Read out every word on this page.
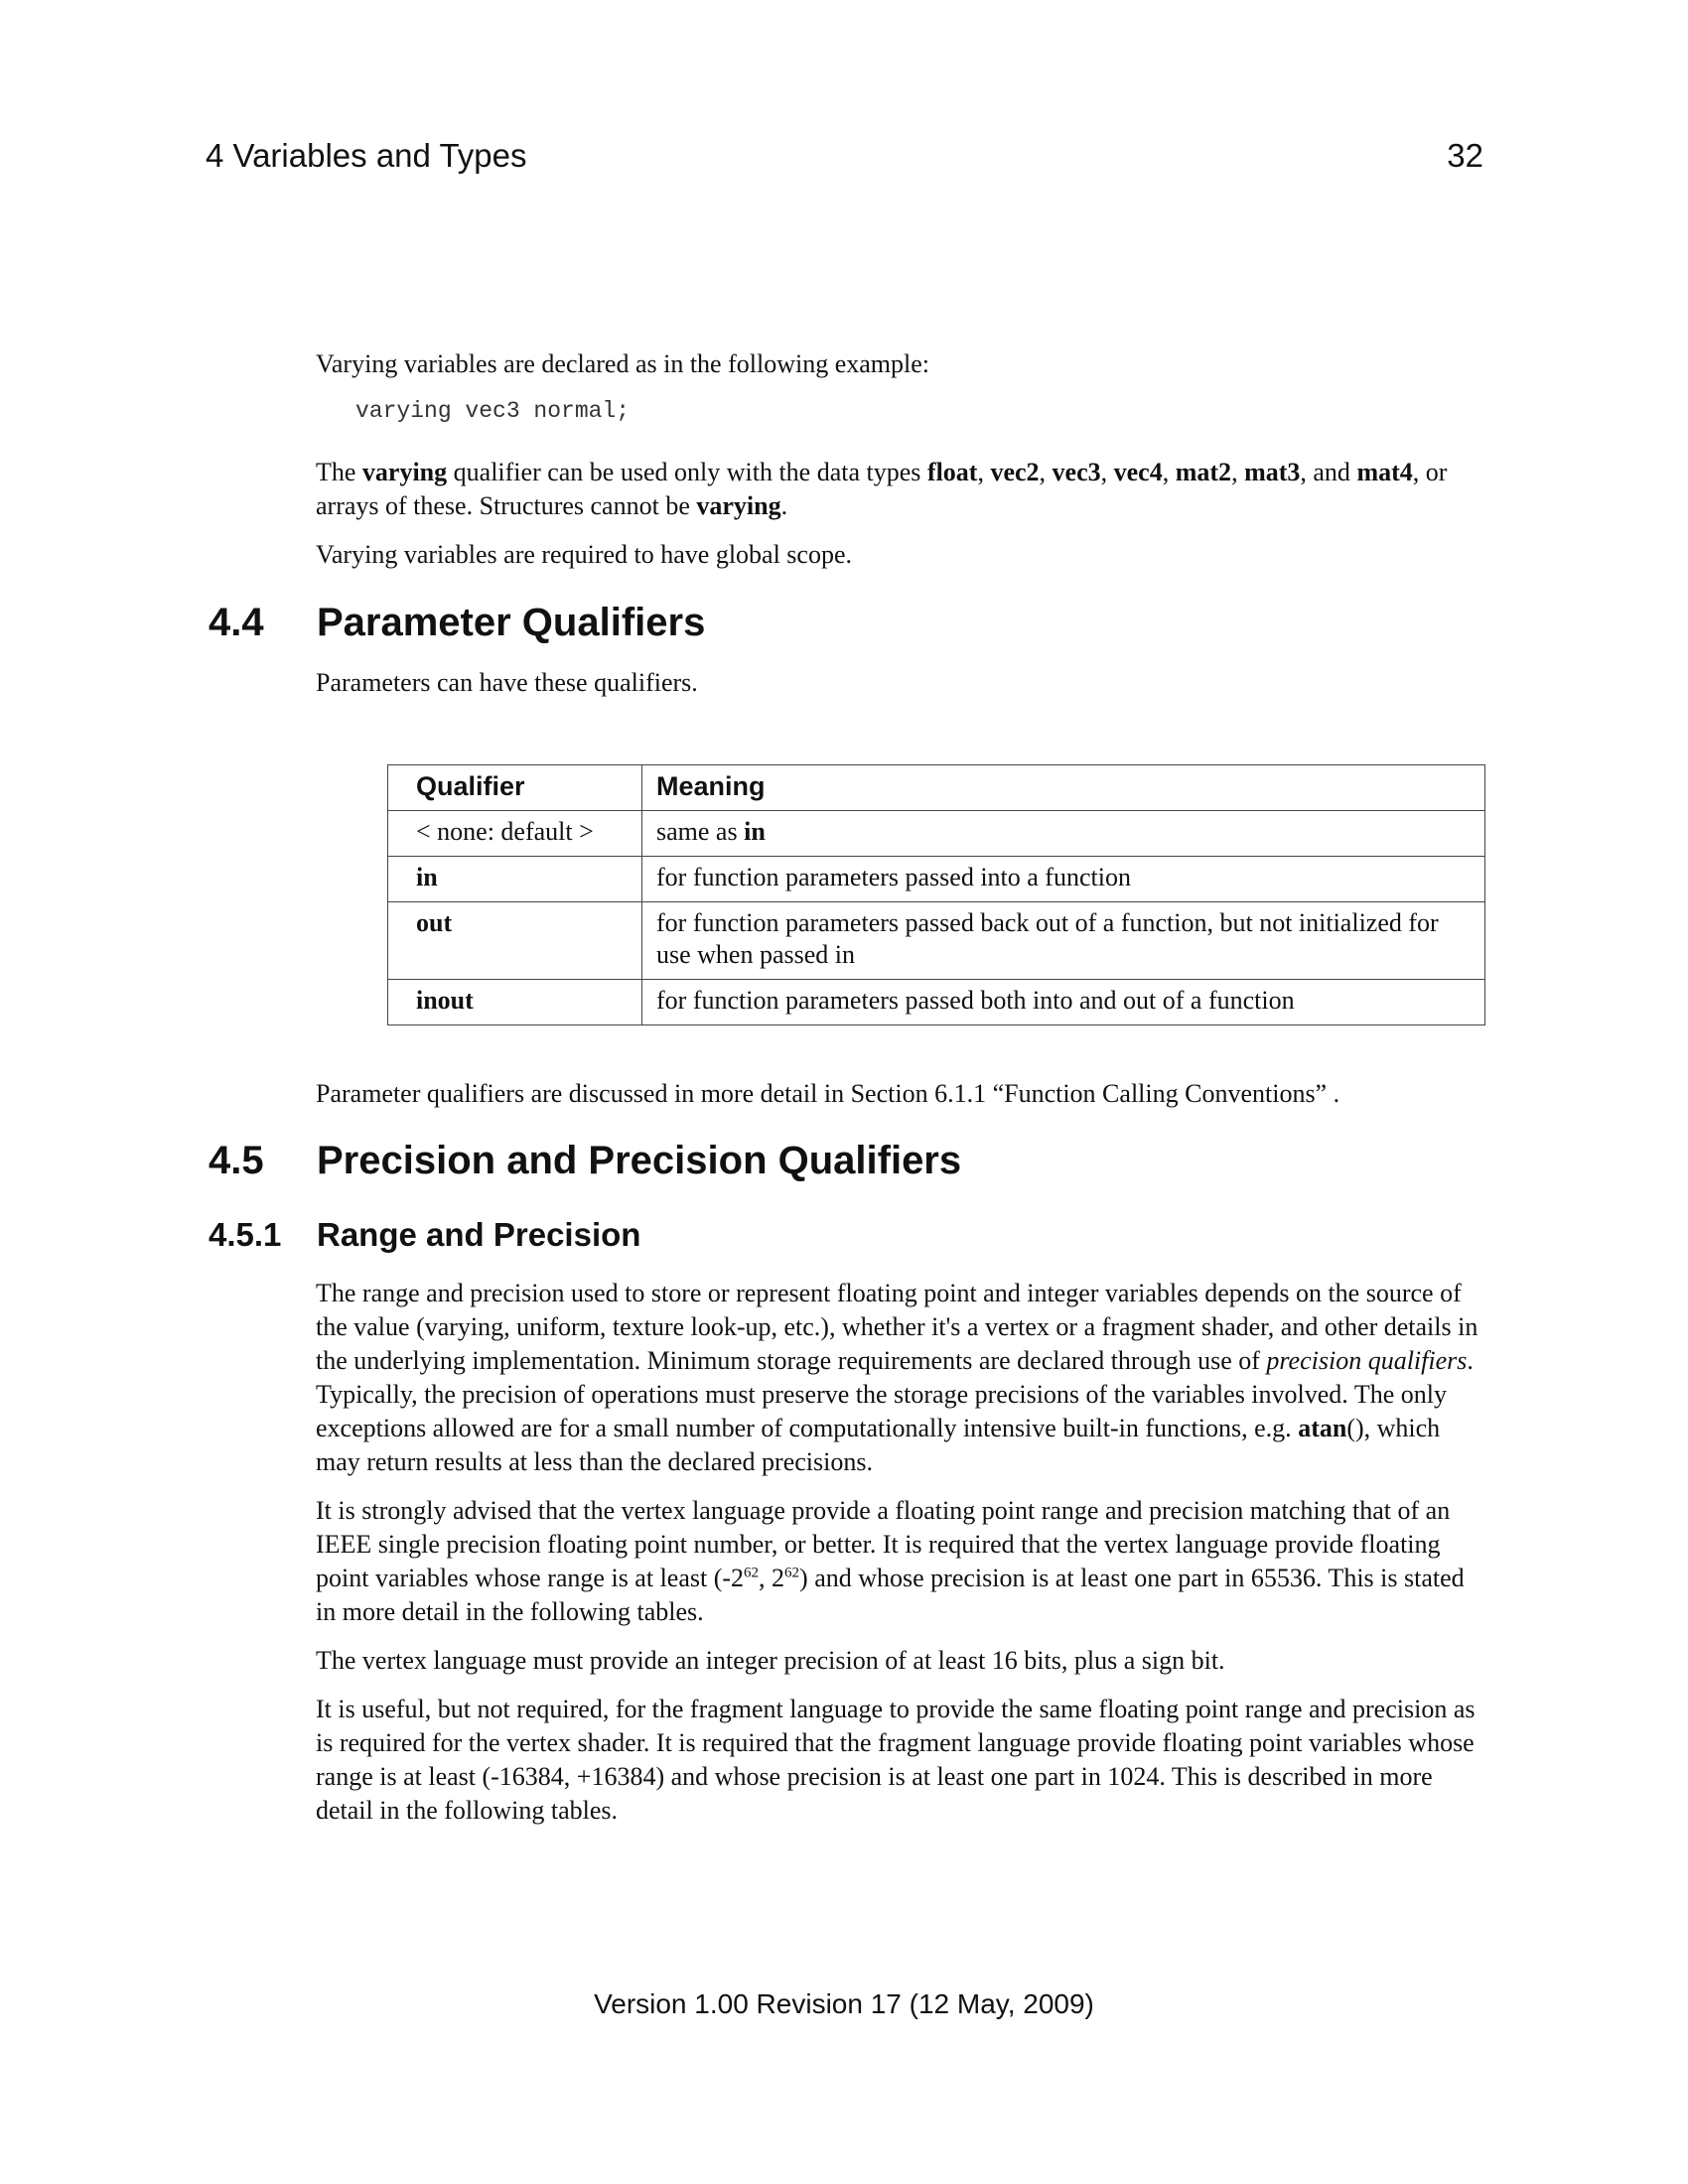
4 Variables and Types	32
Varying variables are declared as in the following example:
varying vec3 normal;
The varying qualifier can be used only with the data types float, vec2, vec3, vec4, mat2, mat3, and mat4, or arrays of these. Structures cannot be varying.
Varying variables are required to have global scope.
4.4 Parameter Qualifiers
Parameters can have these qualifiers.
Qualifier	Meaning
< none: default >	same as in
in	for function parameters passed into a function
out	for function parameters passed back out of a function, but not initialized for use when passed in
inout	for function parameters passed both into and out of a function
Parameter qualifiers are discussed in more detail in Section 6.1.1 “Function Calling Conventions” .
4.5 Precision and Precision Qualifiers
4.5.1 Range and Precision
The range and precision used to store or represent floating point and integer variables depends on the source of the value (varying, uniform, texture look-up, etc.), whether it's a vertex or a fragment shader, and other details in the underlying implementation. Minimum storage requirements are declared through use of precision qualifiers. Typically, the precision of operations must preserve the storage precisions of the variables involved. The only exceptions allowed are for a small number of computationally intensive built-in functions, e.g. atan(), which may return results at less than the declared precisions.
It is strongly advised that the vertex language provide a floating point range and precision matching that of an IEEE single precision floating point number, or better. It is required that the vertex language provide floating point variables whose range is at least ($-2^{62}$, $2^{62}$) and whose precision is at least one part in 65536. This is stated in more detail in the following tables.
The vertex language must provide an integer precision of at least 16 bits, plus a sign bit.
It is useful, but not required, for the fragment language to provide the same floating point range and precision as is required for the vertex shader. It is required that the fragment language provide floating point variables whose range is at least (-16384, +16384) and whose precision is at least one part in 1024. This is described in more detail in the following tables.
Version 1.00 Revision 17 (12 May, 2009)
